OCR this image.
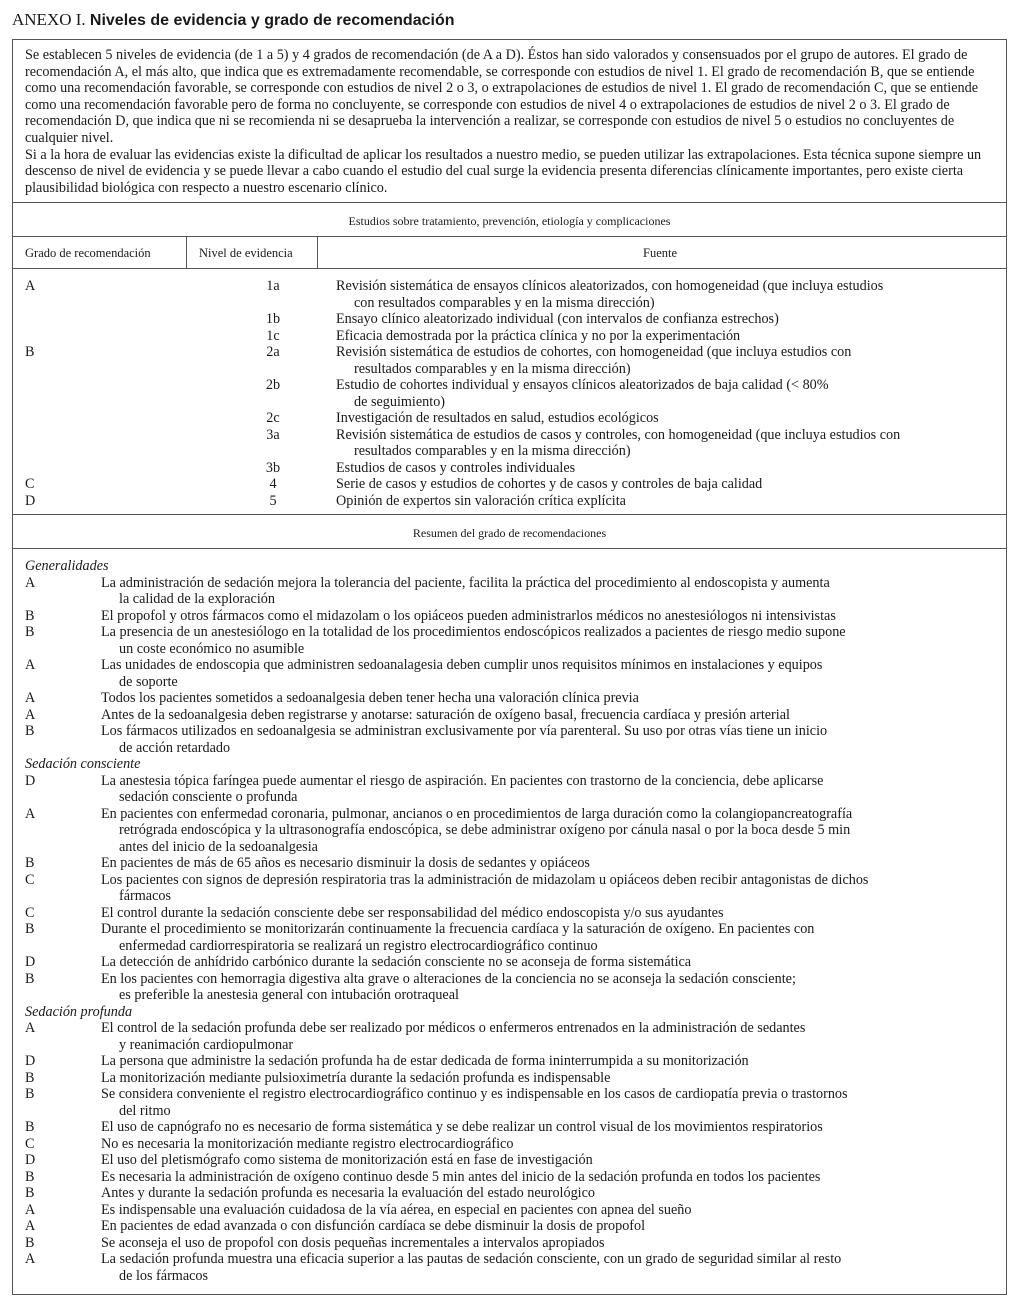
ANEXO I. Niveles de evidencia y grado de recomendación
Se establecen 5 niveles de evidencia (de 1 a 5) y 4 grados de recomendación (de A a D). Éstos han sido valorados y consensuados por el grupo de autores. El grado de recomendación A, el más alto, que indica que es extremadamente recomendable, se corresponde con estudios de nivel 1. El grado de recomendación B, que se entiende como una recomendación favorable, se corresponde con estudios de nivel 2 o 3, o extrapolaciones de estudios de nivel 1. El grado de recomendación C, que se entiende como una recomendación favorable pero de forma no concluyente, se corresponde con estudios de nivel 4 o extrapolaciones de estudios de nivel 2 o 3. El grado de recomendación D, que indica que ni se recomienda ni se desaprueba la intervención a realizar, se corresponde con estudios de nivel 5 o estudios no concluyentes de cualquier nivel.
Si a la hora de evaluar las evidencias existe la dificultad de aplicar los resultados a nuestro medio, se pueden utilizar las extrapolaciones. Esta técnica supone siempre un descenso de nivel de evidencia y se puede llevar a cabo cuando el estudio del cual surge la evidencia presenta diferencias clínicamente importantes, pero existe cierta plausibilidad biológica con respecto a nuestro escenario clínico.
Estudios sobre tratamiento, prevención, etiología y complicaciones
Grado de recomendación	Nivel de evidencia	Fuente
A	1a	Revisión sistemática de ensayos clínicos aleatorizados, con homogeneidad (que incluya estudios
con resultados comparables y en la misma dirección)
1b	Ensayo clínico aleatorizado individual (con intervalos de confianza estrechos)
1c	Eficacia demostrada por la práctica clínica y no por la experimentación
B	2a	Revisión sistemática de estudios de cohortes, con homogeneidad (que incluya estudios con
resultados comparables y en la misma dirección)
2b	Estudio de cohortes individual y ensayos clínicos aleatorizados de baja calidad (< 80%
de seguimiento)
2c	Investigación de resultados en salud, estudios ecológicos
3a	Revisión sistemática de estudios de casos y controles, con homogeneidad (que incluya estudios con
resultados comparables y en la misma dirección)
3b	Estudios de casos y controles individuales
C	4	Serie de casos y estudios de cohortes y de casos y controles de baja calidad
D	5	Opinión de expertos sin valoración crítica explícita
Resumen del grado de recomendaciones
Generalidades
A	La administración de sedación mejora la tolerancia del paciente, facilita la práctica del procedimiento al endoscopista y aumenta
la calidad de la exploración
B	El propofol y otros fármacos como el midazolam o los opiáceos pueden administrarlos médicos no anestesiólogos ni intensivistas
B	La presencia de un anestesiólogo en la totalidad de los procedimientos endoscópicos realizados a pacientes de riesgo medio supone
un coste económico no asumible
A	Las unidades de endoscopia que administren sedoanalagesia deben cumplir unos requisitos mínimos en instalaciones y equipos
de soporte
A	Todos los pacientes sometidos a sedoanalgesia deben tener hecha una valoración clínica previa
A	Antes de la sedoanalgesia deben registrarse y anotarse: saturación de oxígeno basal, frecuencia cardíaca y presión arterial
B	Los fármacos utilizados en sedoanalgesia se administran exclusivamente por vía parenteral. Su uso por otras vías tiene un inicio
de acción retardado
Sedación consciente
D	La anestesia tópica faríngea puede aumentar el riesgo de aspiración. En pacientes con trastorno de la conciencia, debe aplicarse
sedación consciente o profunda
A	En pacientes con enfermedad coronaria, pulmonar, ancianos o en procedimientos de larga duración como la colangiopancreatografía
retrógrada endoscópica y la ultrasonografía endoscópica, se debe administrar oxígeno por cánula nasal o por la boca desde 5 min
antes del inicio de la sedoanalgesia
B	En pacientes de más de 65 años es necesario disminuir la dosis de sedantes y opiáceos
C	Los pacientes con signos de depresión respiratoria tras la administración de midazolam u opiáceos deben recibir antagonistas de dichos
fármacos
C	El control durante la sedación consciente debe ser responsabilidad del médico endoscopista y/o sus ayudantes
B	Durante el procedimiento se monitorizarán continuamente la frecuencia cardíaca y la saturación de oxígeno. En pacientes con
enfermedad cardiorrespiratoria se realizará un registro electrocardiográfico continuo
D	La detección de anhídrido carbónico durante la sedación consciente no se aconseja de forma sistemática
B	En los pacientes con hemorragia digestiva alta grave o alteraciones de la conciencia no se aconseja la sedación consciente;
es preferible la anestesia general con intubación orotraqueal
Sedación profunda
A	El control de la sedación profunda debe ser realizado por médicos o enfermeros entrenados en la administración de sedantes
y reanimación cardiopulmonar
D	La persona que administre la sedación profunda ha de estar dedicada de forma ininterrumpida a su monitorización
B	La monitorización mediante pulsioximetría durante la sedación profunda es indispensable
B	Se considera conveniente el registro electrocardiográfico continuo y es indispensable en los casos de cardiopatía previa o trastornos
del ritmo
B	El uso de capnógrafo no es necesario de forma sistemática y se debe realizar un control visual de los movimientos respiratorios
C	No es necesaria la monitorización mediante registro electrocardiográfico
D	El uso del pletismógrafo como sistema de monitorización está en fase de investigación
B	Es necesaria la administración de oxígeno continuo desde 5 min antes del inicio de la sedación profunda en todos los pacientes
B	Antes y durante la sedación profunda es necesaria la evaluación del estado neurológico
A	Es indispensable una evaluación cuidadosa de la vía aérea, en especial en pacientes con apnea del sueño
A	En pacientes de edad avanzada o con disfunción cardíaca se debe disminuir la dosis de propofol
B	Se aconseja el uso de propofol con dosis pequeñas incrementales a intervalos apropiados
A	La sedación profunda muestra una eficacia superior a las pautas de sedación consciente, con un grado de seguridad similar al resto
de los fármacos
